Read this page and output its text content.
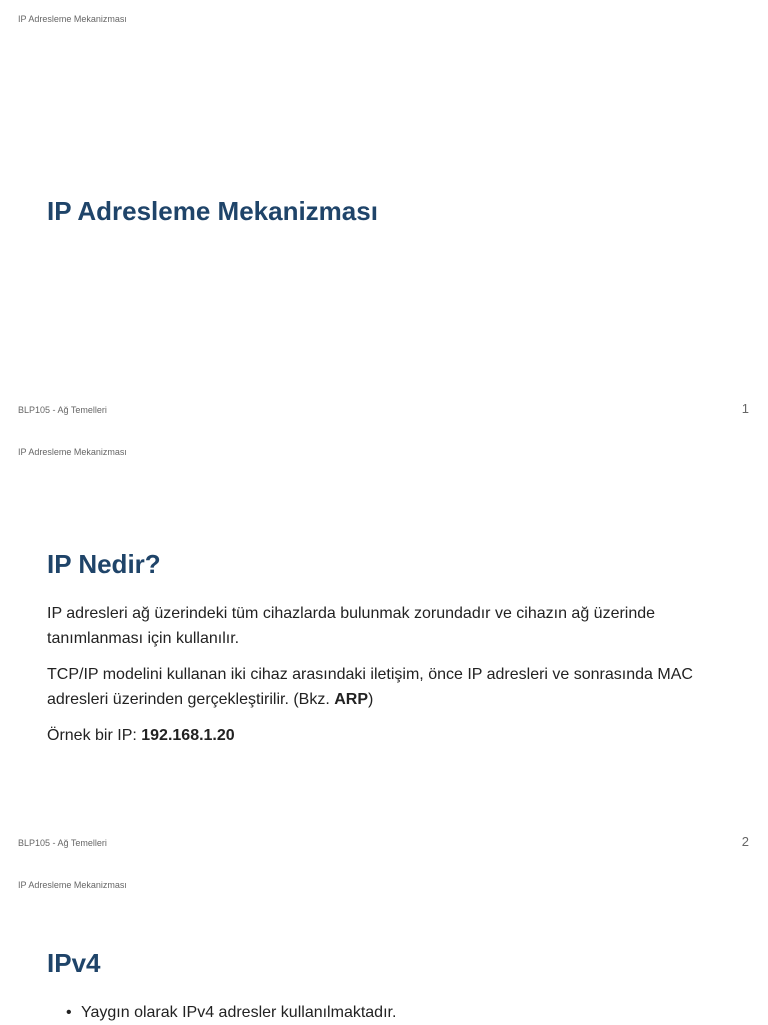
IP Adresleme Mekanizması
IP Adresleme Mekanizması
BLP105 - Ağ Temelleri	1
IP Adresleme Mekanizması
IP Nedir?

IP adresleri ağ üzerindeki tüm cihazlarda bulunmak zorundadır ve cihazın ağ üzerinde tanımlanması için kullanılır.

TCP/IP modelini kullanan iki cihaz arasındaki iletişim, önce IP adresleri ve sonrasında MAC adresleri üzerinden gerçekleştirilir. (Bkz. ARP)

Örnek bir IP: 192.168.1.20

BLP105 - Ağ Temelleri	2
IP Adresleme Mekanizması
IPv4
• Yaygın olarak IPv4 adresler kullanılmaktadır.
